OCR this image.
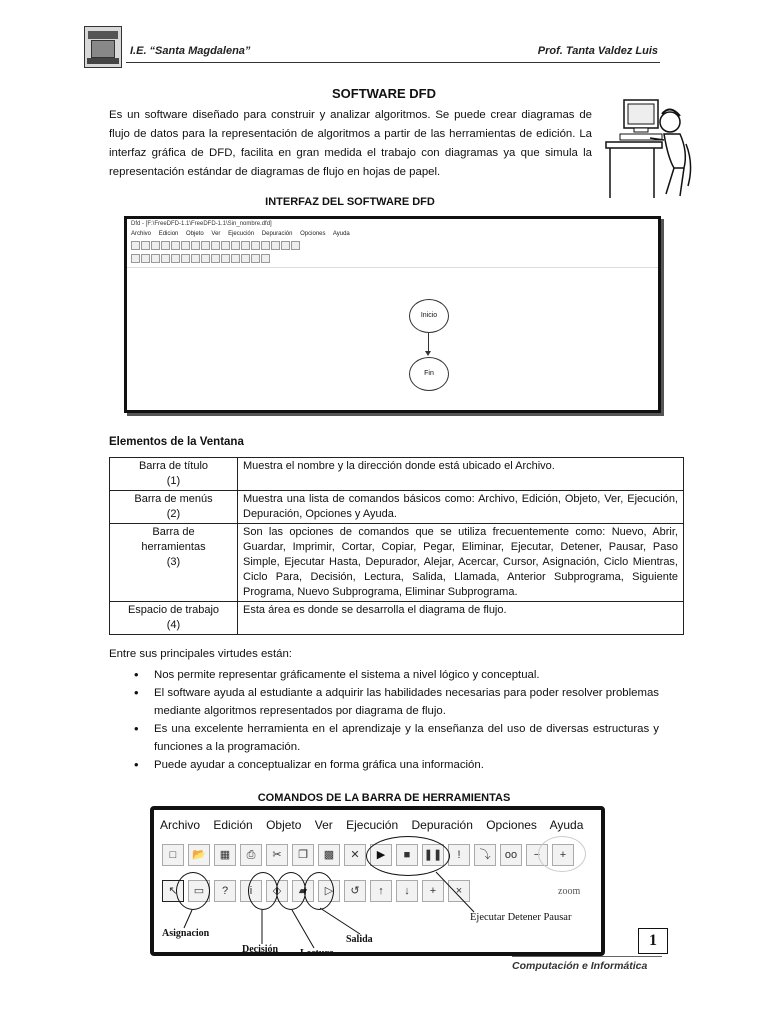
I.E. “Santa Magdalena”	Prof. Tanta Valdez Luis
SOFTWARE DFD

Es un software diseñado para construir y analizar algoritmos. Se puede crear diagramas de flujo de datos para la representación de algoritmos a partir de las herramientas de edición. La interfaz gráfica de DFD, facilita en gran medida el trabajo con diagramas ya que simula la representación estándar de diagramas de flujo en hojas de papel.

INTERFAZ DEL SOFTWARE DFD
Dfd - [F:\FreeDFD-1.1\FreeDFD-1.1\Sin_nombre.dfd]
Archivo Edicion Objeto Ver Ejecución Depuración Opciones Ayuda
Inicio
Fin
Elementos de la Ventana
Barra de título
(1)	Muestra el nombre y la dirección donde está ubicado el Archivo.

Barra de menús
(2)	Muestra una lista de comandos básicos como: Archivo, Edición, Objeto, Ver, Ejecución, Depuración, Opciones y Ayuda.

Barra de herramientas
(3)	Son las opciones de comandos que se utiliza frecuentemente como: Nuevo, Abrir, Guardar, Imprimir, Cortar, Copiar, Pegar, Eliminar, Ejecutar, Detener, Pausar, Paso Simple, Ejecutar Hasta, Depurador, Alejar, Acercar, Cursor, Asignación, Ciclo Mientras, Ciclo Para, Decisión, Lectura, Salida, Llamada, Anterior Subprograma, Siguiente Programa, Nuevo Subprograma, Eliminar Subprograma.

Espacio de trabajo
(4)	Esta área es donde se desarrolla el diagrama de flujo.
Entre sus principales virtudes están:
• Nos permite representar gráficamente el sistema a nivel lógico y conceptual.
• El software ayuda al estudiante a adquirir las habilidades necesarias para poder resolver problemas mediante algoritmos representados por diagrama de flujo.
• Es una excelente herramienta en el aprendizaje y la enseñanza del uso de diversas estructuras y funciones a la programación.
• Puede ayudar a conceptualizar en forma gráfica una información.
COMANDOS DE LA BARRA DE HERRAMIENTAS
Archivo Edición Objeto Ver Ejecución Depuración Opciones Ayuda
□	📂	▦	⎙	✂	❐	▩	✕	▶	■	❚❚	!	⤵	oo	−	+
↖	▭	?	i	◇	▰	▷	↺	↑	↓	+	×	zoom
Asignacion
Decisión Lectura
Salida
Ejecutar Detener Pausar
1
Computación e Informática
